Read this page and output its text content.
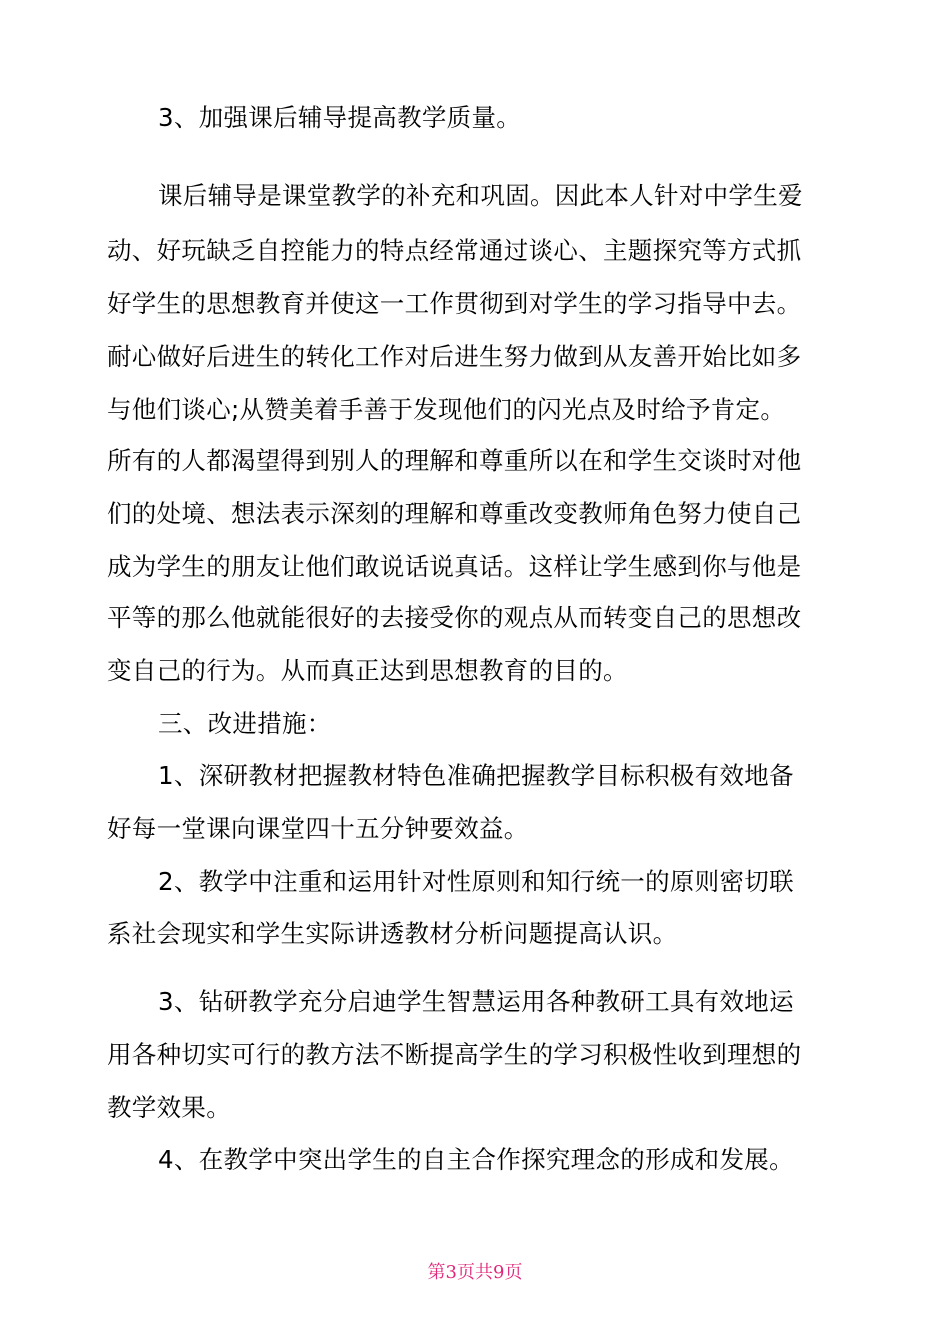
3、加强课后辅导提高教学质量。
课后辅导是课堂教学的补充和巩固。因此本人针对中学生爱
动、好玩缺乏自控能力的特点经常通过谈心、主题探究等方式抓
好学生的思想教育并使这一工作贯彻到对学生的学习指导中去。
耐心做好后进生的转化工作对后进生努力做到从友善开始比如多
与他们谈心;从赞美着手善于发现他们的闪光点及时给予肯定。
所有的人都渴望得到别人的理解和尊重所以在和学生交谈时对他
们的处境、想法表示深刻的理解和尊重改变教师角色努力使自己
成为学生的朋友让他们敢说话说真话。这样让学生感到你与他是
平等的那么他就能很好的去接受你的观点从而转变自己的思想改
变自己的行为。从而真正达到思想教育的目的。
三、改进措施：
1、深研教材把握教材特色准确把握教学目标积极有效地备
好每一堂课向课堂四十五分钟要效益。
2、教学中注重和运用针对性原则和知行统一的原则密切联
系社会现实和学生实际讲透教材分析问题提高认识。
3、钻研教学充分启迪学生智慧运用各种教研工具有效地运
用各种切实可行的教方法不断提高学生的学习积极性收到理想的
教学效果。
4、在教学中突出学生的自主合作探究理念的形成和发展。
第3页共9页
